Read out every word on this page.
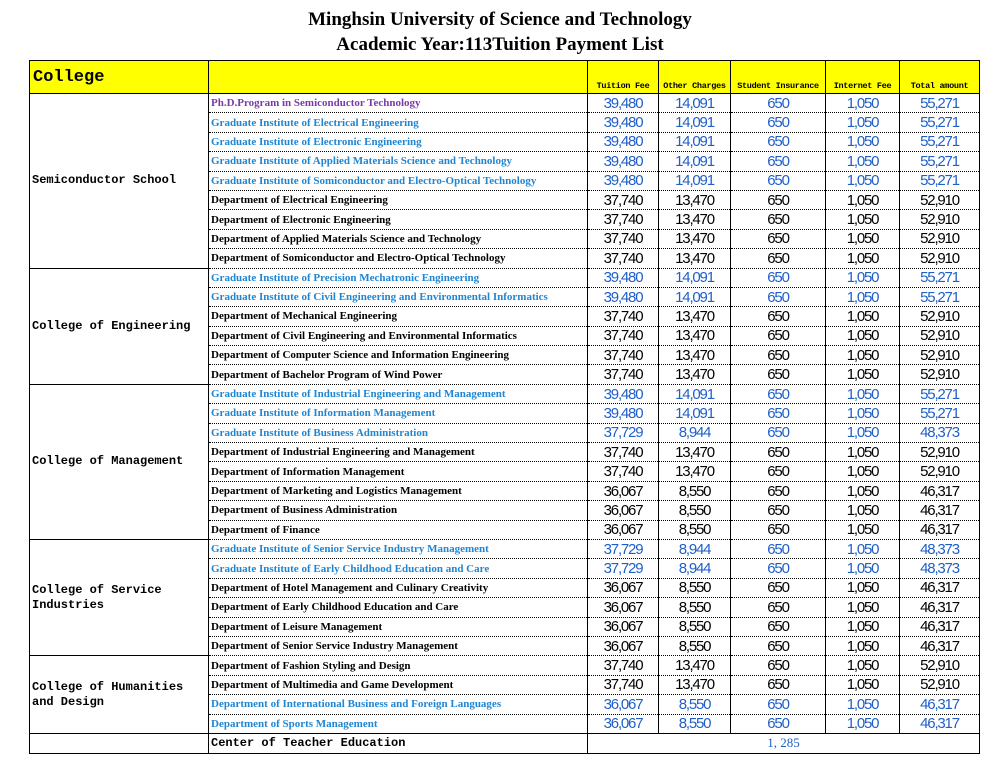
Minghsin University of Science and Technology
Academic Year:113Tuition Payment List
College		Tuition Fee	Other Charges	Student Insurance	Internet Fee	Total amount
Semiconductor School	Ph.D.Program in Semiconductor Technology	39,480	14,091	650	1,050	55,271
	Graduate Institute of Electrical Engineering	39,480	14,091	650	1,050	55,271
	Graduate Institute of Electronic Engineering	39,480	14,091	650	1,050	55,271
	Graduate Institute of Applied Materials Science and Technology	39,480	14,091	650	1,050	55,271
	Graduate Institute of Somiconductor and Electro-Optical Technology	39,480	14,091	650	1,050	55,271
	Department of Electrical Engineering	37,740	13,470	650	1,050	52,910
	Department of Electronic Engineering	37,740	13,470	650	1,050	52,910
	Department of Applied Materials Science and Technology	37,740	13,470	650	1,050	52,910
	Department of Somiconductor and Electro-Optical Technology	37,740	13,470	650	1,050	52,910
College of Engineering	Graduate Institute of Precision Mechatronic Engineering	39,480	14,091	650	1,050	55,271
	Graduate Institute of Civil Engineering and Environmental Informatics	39,480	14,091	650	1,050	55,271
	Department of Mechanical Engineering	37,740	13,470	650	1,050	52,910
	Department of Civil Engineering and Environmental Informatics	37,740	13,470	650	1,050	52,910
	Department of Computer Science and Information Engineering	37,740	13,470	650	1,050	52,910
	Department of Bachelor Program of Wind Power	37,740	13,470	650	1,050	52,910
College of Management	Graduate Institute of Industrial Engineering and Management	39,480	14,091	650	1,050	55,271
	Graduate Institute of Information Management	39,480	14,091	650	1,050	55,271
	Graduate Institute of Business Administration	37,729	8,944	650	1,050	48,373
	Department of Industrial Engineering and Management	37,740	13,470	650	1,050	52,910
	Department of Information Management	37,740	13,470	650	1,050	52,910
	Department of Marketing and Logistics Management	36,067	8,550	650	1,050	46,317
	Department of Business Administration	36,067	8,550	650	1,050	46,317
	Department of Finance	36,067	8,550	650	1,050	46,317
College of Service Industries	Graduate Institute of Senior Service Industry Management	37,729	8,944	650	1,050	48,373
	Graduate Institute of Early Childhood Education and Care	37,729	8,944	650	1,050	48,373
	Department of Hotel Management and Culinary Creativity	36,067	8,550	650	1,050	46,317
	Department of Early Childhood Education and Care	36,067	8,550	650	1,050	46,317
	Department of Leisure Management	36,067	8,550	650	1,050	46,317
	Department of Senior Service Industry Management	36,067	8,550	650	1,050	46,317
College of Humanities and Design	Department of Fashion Styling and Design	37,740	13,470	650	1,050	52,910
	Department of Multimedia and Game Development	37,740	13,470	650	1,050	52,910
	Department of International Business and Foreign Languages	36,067	8,550	650	1,050	46,317
	Department of Sports Management	36,067	8,550	650	1,050	46,317
	Center of Teacher Education	1, 285				
